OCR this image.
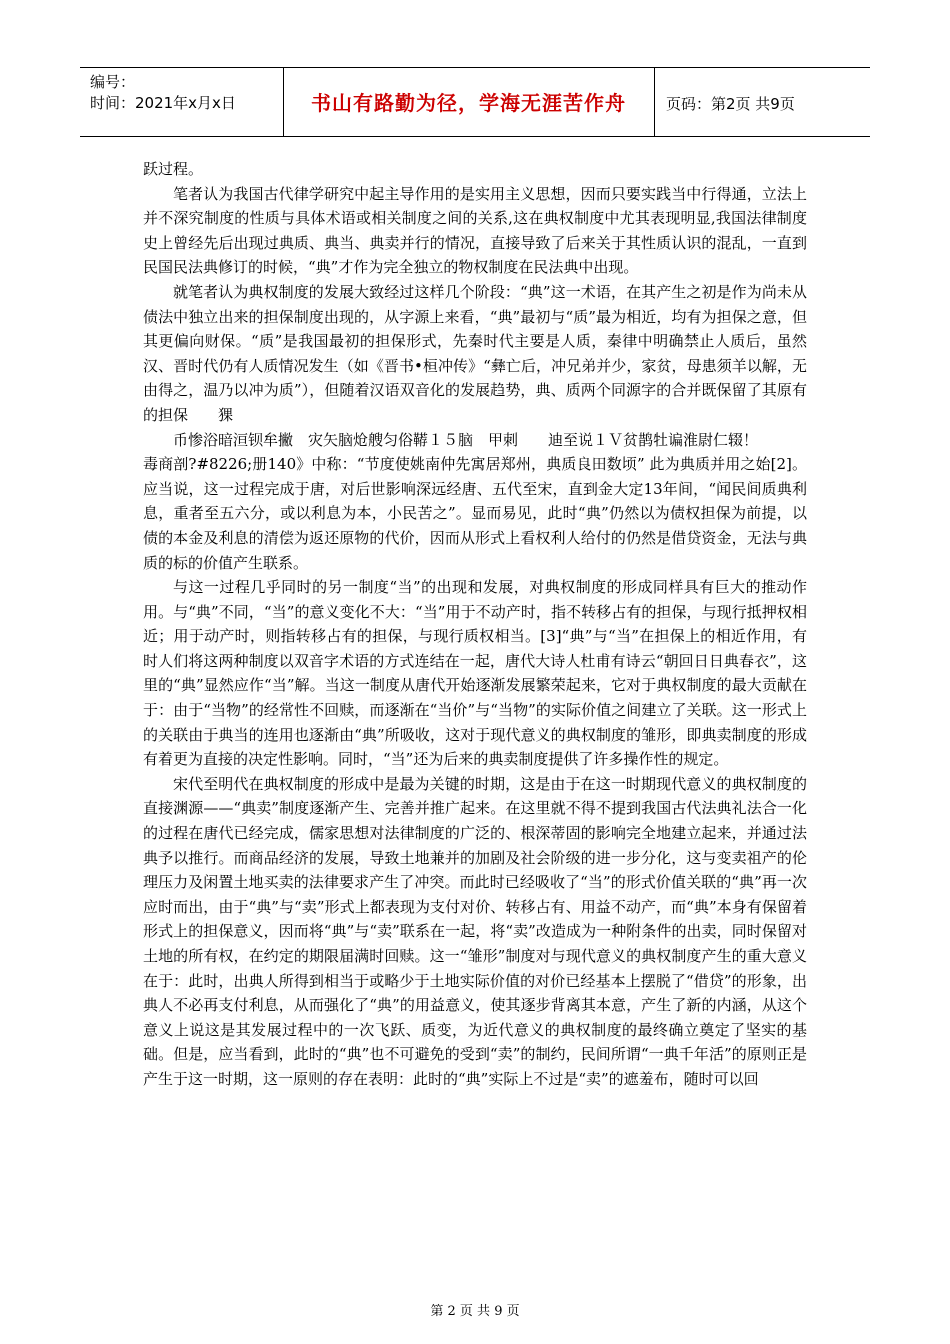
编号：
时间：2021年x月x日	书山有路勤为径，学海无涯苦作舟	页码：第2页 共9页

跃过程。

笔者认为我国古代律学研究中起主导作用的是实用主义思想，因而只要实践当中行得通，立法上并不深究制度的性质与具体术语或相关制度之间的关系,这在典权制度中尤其表现明显,我国法律制度史上曾经先后出现过典质、典当、典卖并行的情况，直接导致了后来关于其性质认识的混乱，一直到民国民法典修订的时候，“典”才作为完全独立的物权制度在民法典中出现。

就笔者认为典权制度的发展大致经过这样几个阶段：“典”这一术语，在其产生之初是作为尚未从债法中独立出来的担保制度出现的，从字源上来看，“典”最初与“质”最为相近，均有为担保之意，但其更偏向财保。“质”是我国最初的担保形式，先秦时代主要是人质，秦律中明确禁止人质后，虽然汉、晋时代仍有人质情况发生（如《晋书•桓冲传》“彝亡后，冲兄弟并少，家贫，母患须羊以解，无由得之，温乃以冲为质”），但随着汉语双音化的发展趋势，典、质两个同源字的合并既保留了其原有的担保　　猓

币惨浴暗洹钡牟撇　灾矢脑炝艘匀俗鞯１５脑　甲刺　　迪至说１Ｖ贫鹊牡谝淮尉仁辍！

毒商剖?#8226;册140》中称：“节度使姚南仲先寓居郑州，典质良田数顷” 此为典质并用之始[2]。应当说，这一过程完成于唐，对后世影响深远经唐、五代至宋，直到金大定13年间，“闻民间质典利息，重者至五六分，或以利息为本，小民苦之”。显而易见，此时“典”仍然以为债权担保为前提，以债的本金及利息的清偿为返还原物的代价，因而从形式上看权利人给付的仍然是借贷资金，无法与典质的标的价值产生联系。

与这一过程几乎同时的另一制度“当”的出现和发展，对典权制度的形成同样具有巨大的推动作用。与“典”不同，“当”的意义变化不大：“当”用于不动产时，指不转移占有的担保，与现行抵押权相近；用于动产时，则指转移占有的担保，与现行质权相当。[3]“典”与“当”在担保上的相近作用，有时人们将这两种制度以双音字术语的方式连结在一起，唐代大诗人杜甫有诗云“朝回日日典春衣”，这里的“典”显然应作“当”解。当这一制度从唐代开始逐渐发展繁荣起来，它对于典权制度的最大贡献在于：由于“当物”的经常性不回赎，而逐渐在“当价”与“当物”的实际价值之间建立了关联。这一形式上的关联由于典当的连用也逐渐由“典”所吸收，这对于现代意义的典权制度的雏形，即典卖制度的形成有着更为直接的决定性影响。同时，“当”还为后来的典卖制度提供了许多操作性的规定。

宋代至明代在典权制度的形成中是最为关键的时期，这是由于在这一时期现代意义的典权制度的直接渊源——“典卖”制度逐渐产生、完善并推广起来。在这里就不得不提到我国古代法典礼法合一化的过程在唐代已经完成，儒家思想对法律制度的广泛的、根深蒂固的影响完全地建立起来，并通过法典予以推行。而商品经济的发展，导致土地兼并的加剧及社会阶级的进一步分化，这与变卖祖产的伦理压力及闲置土地买卖的法律要求产生了冲突。而此时已经吸收了“当”的形式价值关联的“典”再一次应时而出，由于“典”与“卖”形式上都表现为支付对价、转移占有、用益不动产，而“典”本身有保留着形式上的担保意义，因而将“典”与“卖”联系在一起，将“卖”改造成为一种附条件的出卖，同时保留对土地的所有权，在约定的期限届满时回赎。这一“雏形”制度对与现代意义的典权制度产生的重大意义在于：此时，出典人所得到相当于或略少于土地实际价值的对价已经基本上摆脱了“借贷”的形象，出典人不必再支付利息，从而强化了“典”的用益意义，使其逐步背离其本意，产生了新的内涵，从这个意义上说这是其发展过程中的一次飞跃、质变，为近代意义的典权制度的最终确立奠定了坚实的基础。但是，应当看到，此时的“典”也不可避免的受到“卖”的制约，民间所谓“一典千年活”的原则正是产生于这一时期，这一原则的存在表明：此时的“典”实际上不过是“卖”的遮羞布，随时可以回

第 2 页 共 9 页
